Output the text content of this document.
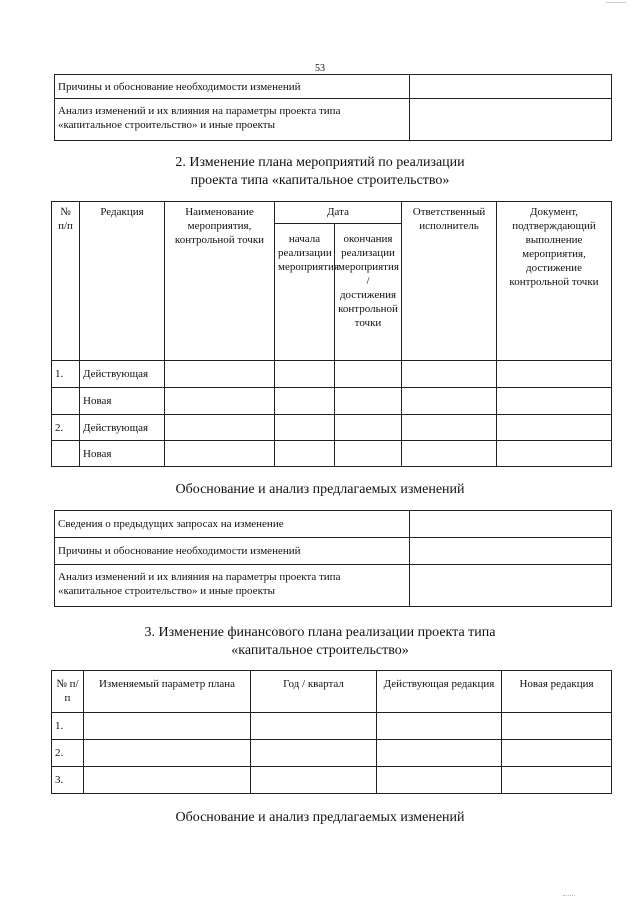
53
Причины и обоснование необходимости изменений	
Анализ изменений и их влияния на параметры проекта типа «капитальное строительство» и иные проекты	
2. Изменение плана мероприятий по реализации
проекта типа «капитальное строительство»
№ п/п	Редакция	Наименование мероприятия, контрольной точки	Дата		Ответственный исполнитель	Документ, подтверждающий выполнение мероприятия, достижение контрольной точки
			начала реализации мероприятия	окончания реализации мероприятия / достижения контрольной точки		
1.	Действующая					
	Новая					
2.	Действующая					
	Новая					
Обоснование и анализ предлагаемых изменений
Сведения о предыдущих запросах на изменение	
Причины и обоснование необходимости изменений	
Анализ изменений и их влияния на параметры проекта типа «капитальное строительство» и иные проекты	
3. Изменение финансового плана реализации проекта типа
«капитальное строительство»
№ п/п	Изменяемый параметр плана	Год / квартал	Действующая редакция	Новая редакция
1.				
2.				
3.				
Обоснование и анализ предлагаемых изменений
